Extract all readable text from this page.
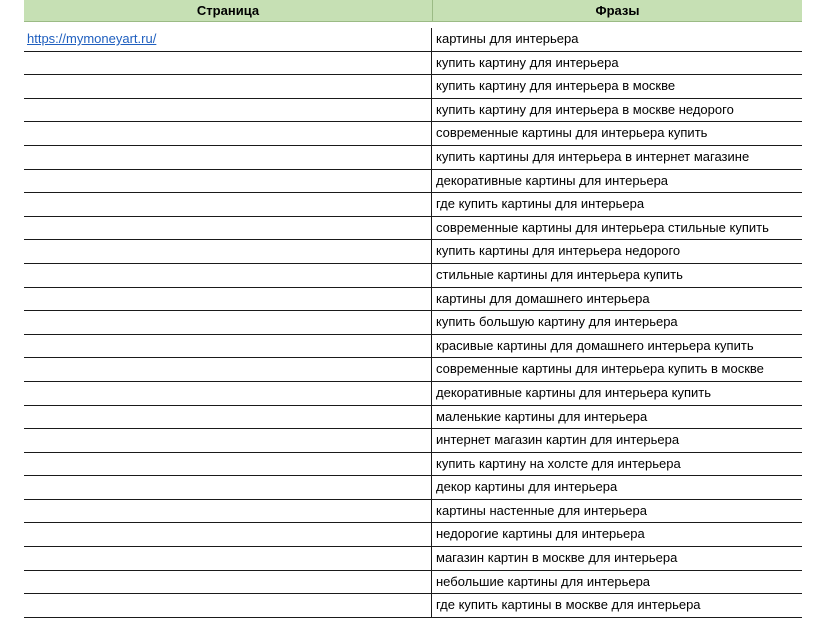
Страница	Фразы
https://mymoneyart.ru/	картины для интерьера
купить картину для интерьера
купить картину для интерьера в москве
купить картину для интерьера в москве недорого
современные картины для интерьера купить
купить картины для интерьера в интернет магазине
декоративные картины для интерьера
где купить картины для интерьера
современные картины для интерьера стильные купить
купить картины для интерьера недорого
стильные картины для интерьера купить
картины для домашнего интерьера
купить большую картину для интерьера
красивые картины для домашнего интерьера купить
современные картины для интерьера купить в москве
декоративные картины для интерьера купить
маленькие картины для интерьера
интернет магазин картин для интерьера
купить картину на холсте для интерьера
декор картины для интерьера
картины настенные для интерьера
недорогие картины для интерьера
магазин картин в москве для интерьера
небольшие картины для интерьера
где купить картины в москве для интерьера
